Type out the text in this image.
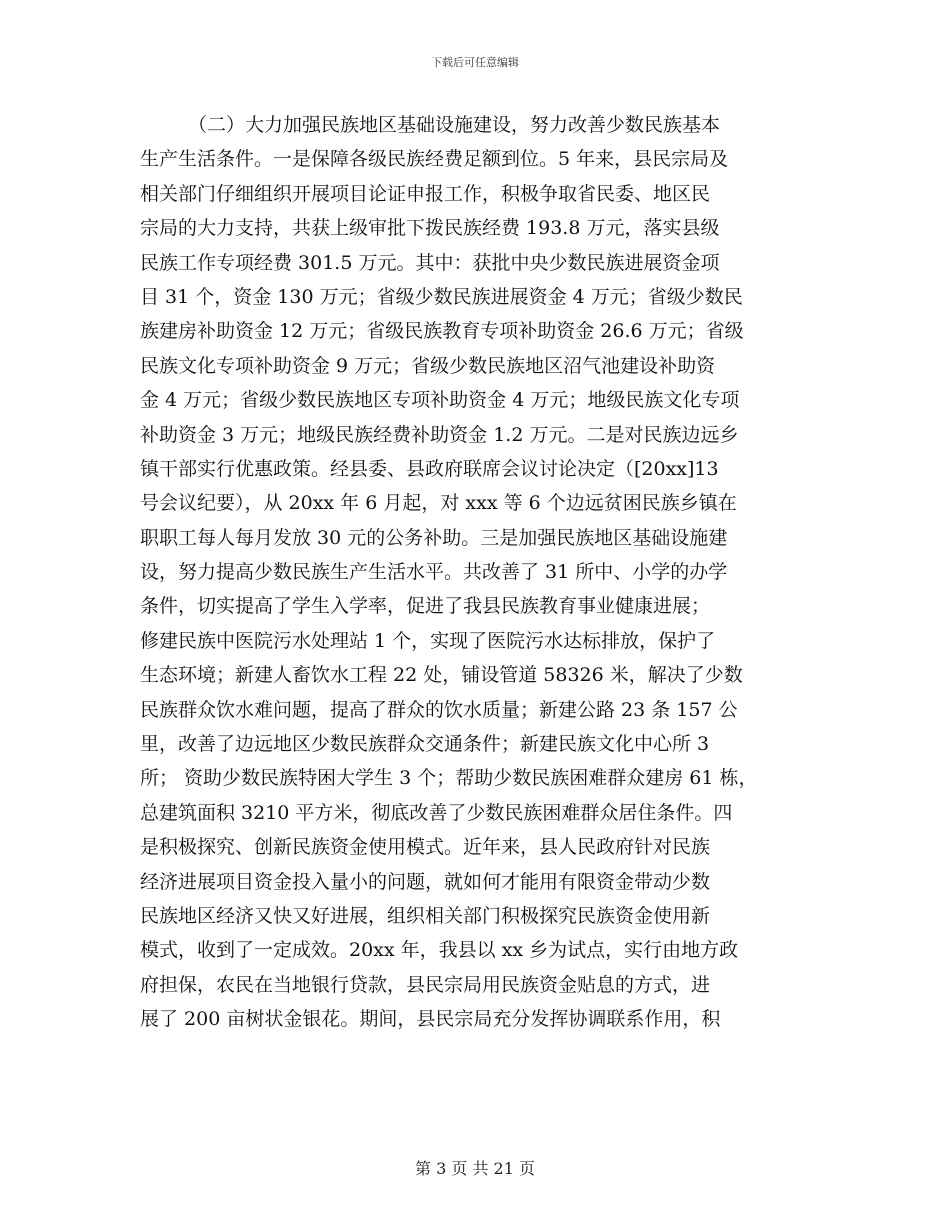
下载后可任意编辑
（二）大力加强民族地区基础设施建设，努力改善少数民族基本
生产生活条件。一是保障各级民族经费足额到位。5 年来，县民宗局及
相关部门仔细组织开展项目论证申报工作，积极争取省民委、地区民
宗局的大力支持，共获上级审批下拨民族经费 193.8 万元，落实县级
民族工作专项经费 301.5 万元。其中：获批中央少数民族进展资金项
目 31 个，资金 130 万元；省级少数民族进展资金 4 万元；省级少数民
族建房补助资金 12 万元；省级民族教育专项补助资金 26.6 万元；省级
民族文化专项补助资金 9 万元；省级少数民族地区沼气池建设补助资
金 4 万元；省级少数民族地区专项补助资金 4 万元；地级民族文化专项
补助资金 3 万元；地级民族经费补助资金 1.2 万元。二是对民族边远乡
镇干部实行优惠政策。经县委、县政府联席会议讨论决定（[20xx]13
号会议纪要），从 20xx 年 6 月起，对 xxx 等 6 个边远贫困民族乡镇在
职职工每人每月发放 30 元的公务补助。三是加强民族地区基础设施建
设，努力提高少数民族生产生活水平。共改善了 31 所中、小学的办学
条件，切实提高了学生入学率，促进了我县民族教育事业健康进展；
修建民族中医院污水处理站 1 个，实现了医院污水达标排放，保护了
生态环境；新建人畜饮水工程 22 处，铺设管道 58326 米，解决了少数
民族群众饮水难问题，提高了群众的饮水质量；新建公路 23 条 157 公
里，改善了边远地区少数民族群众交通条件；新建民族文化中心所 3
所； 资助少数民族特困大学生 3 个；帮助少数民族困难群众建房 61 栋，
总建筑面积 3210 平方米，彻底改善了少数民族困难群众居住条件。四
是积极探究、创新民族资金使用模式。近年来，县人民政府针对民族
经济进展项目资金投入量小的问题，就如何才能用有限资金带动少数
民族地区经济又快又好进展，组织相关部门积极探究民族资金使用新
模式，收到了一定成效。20xx 年，我县以 xx 乡为试点，实行由地方政
府担保，农民在当地银行贷款，县民宗局用民族资金贴息的方式，进
展了 200 亩树状金银花。期间，县民宗局充分发挥协调联系作用，积
第 3 页 共 21 页
